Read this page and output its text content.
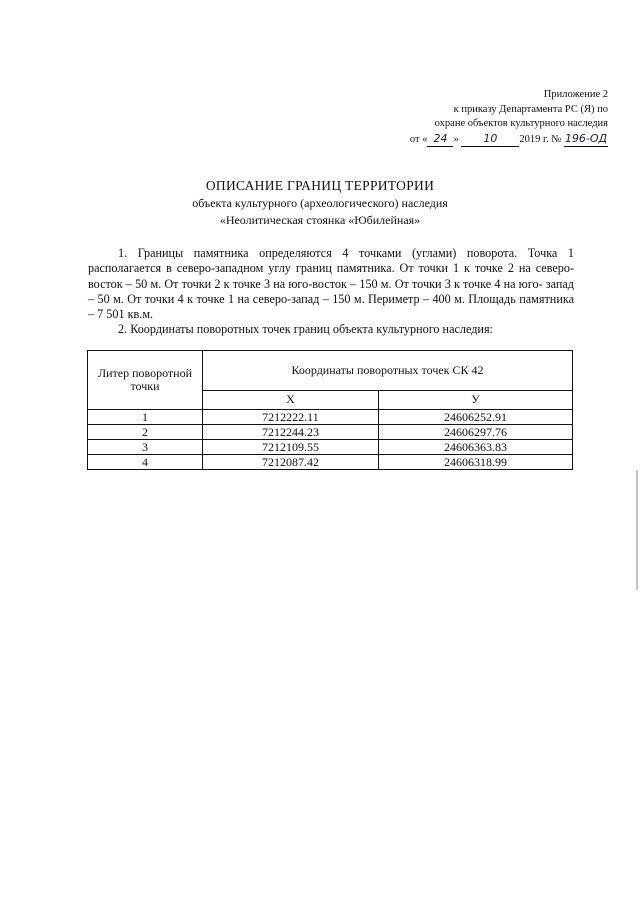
Приложение 2
к приказу Департамента РС (Я) по
охране объектов культурного наследия
от « 24 » 10 2019 г. № 196-ОД
ОПИСАНИЕ ГРАНИЦ ТЕРРИТОРИИ
объекта культурного (археологического) наследия
«Неолитическая стоянка «Юбилейная»

1. Границы памятника определяются 4 точками (углами) поворота. Точка 1 располагается в северо-западном углу границ памятника. От точки 1 к точке 2 на северо- восток – 50 м. От точки 2 к точке 3 на юго-восток – 150 м. От точки 3 к точке 4 на юго- запад – 50 м. От точки 4 к точке 1 на северо-запад – 150 м. Периметр – 400 м. Площадь памятника – 7 501 кв.м.

2. Координаты поворотных точек границ объекта культурного наследия:

Литер поворотной точки	Координаты поворотных точек СК 42	
	X	У
1	7212222.11	24606252.91
2	7212244.23	24606297.76
3	7212109.55	24606363.83
4	7212087.42	24606318.99
